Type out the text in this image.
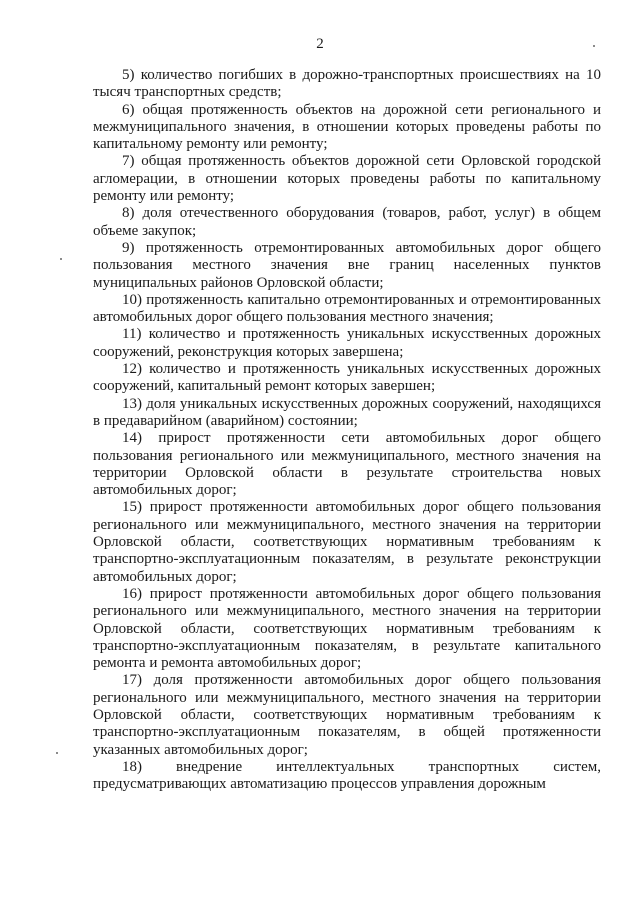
2

5) количество погибших в дорожно-транспортных происшествиях на 10 тысяч транспортных средств;

6) общая протяженность объектов на дорожной сети регионального и межмуниципального значения, в отношении которых проведены работы по капитальному ремонту или ремонту;

7) общая протяженность объектов дорожной сети Орловской городской агломерации, в отношении которых проведены работы по капитальному ремонту или ремонту;

8) доля отечественного оборудования (товаров, работ, услуг) в общем объеме закупок;

9) протяженность отремонтированных автомобильных дорог общего пользования местного значения вне границ населенных пунктов муниципальных районов Орловской области;

10) протяженность капитально отремонтированных и отремонтированных автомобильных дорог общего пользования местного значения;

11) количество и протяженность уникальных искусственных дорожных сооружений, реконструкция которых завершена;

12) количество и протяженность уникальных искусственных дорожных сооружений, капитальный ремонт которых завершен;

13) доля уникальных искусственных дорожных сооружений, находящихся в предаварийном (аварийном) состоянии;

14) прирост протяженности сети автомобильных дорог общего пользования регионального или межмуниципального, местного значения на территории Орловской области в результате строительства новых автомобильных дорог;

15) прирост протяженности автомобильных дорог общего пользования регионального или межмуниципального, местного значения на территории Орловской области, соответствующих нормативным требованиям к транспортно-эксплуатационным показателям, в результате реконструкции автомобильных дорог;

16) прирост протяженности автомобильных дорог общего пользования регионального или межмуниципального, местного значения на территории Орловской области, соответствующих нормативным требованиям к транспортно-эксплуатационным показателям, в результате капитального ремонта и ремонта автомобильных дорог;

17) доля протяженности автомобильных дорог общего пользования регионального или межмуниципального, местного значения на территории Орловской области, соответствующих нормативным требованиям к транспортно-эксплуатационным показателям, в общей протяженности указанных автомобильных дорог;

18) внедрение интеллектуальных транспортных систем, предусматривающих автоматизацию процессов управления дорожным
